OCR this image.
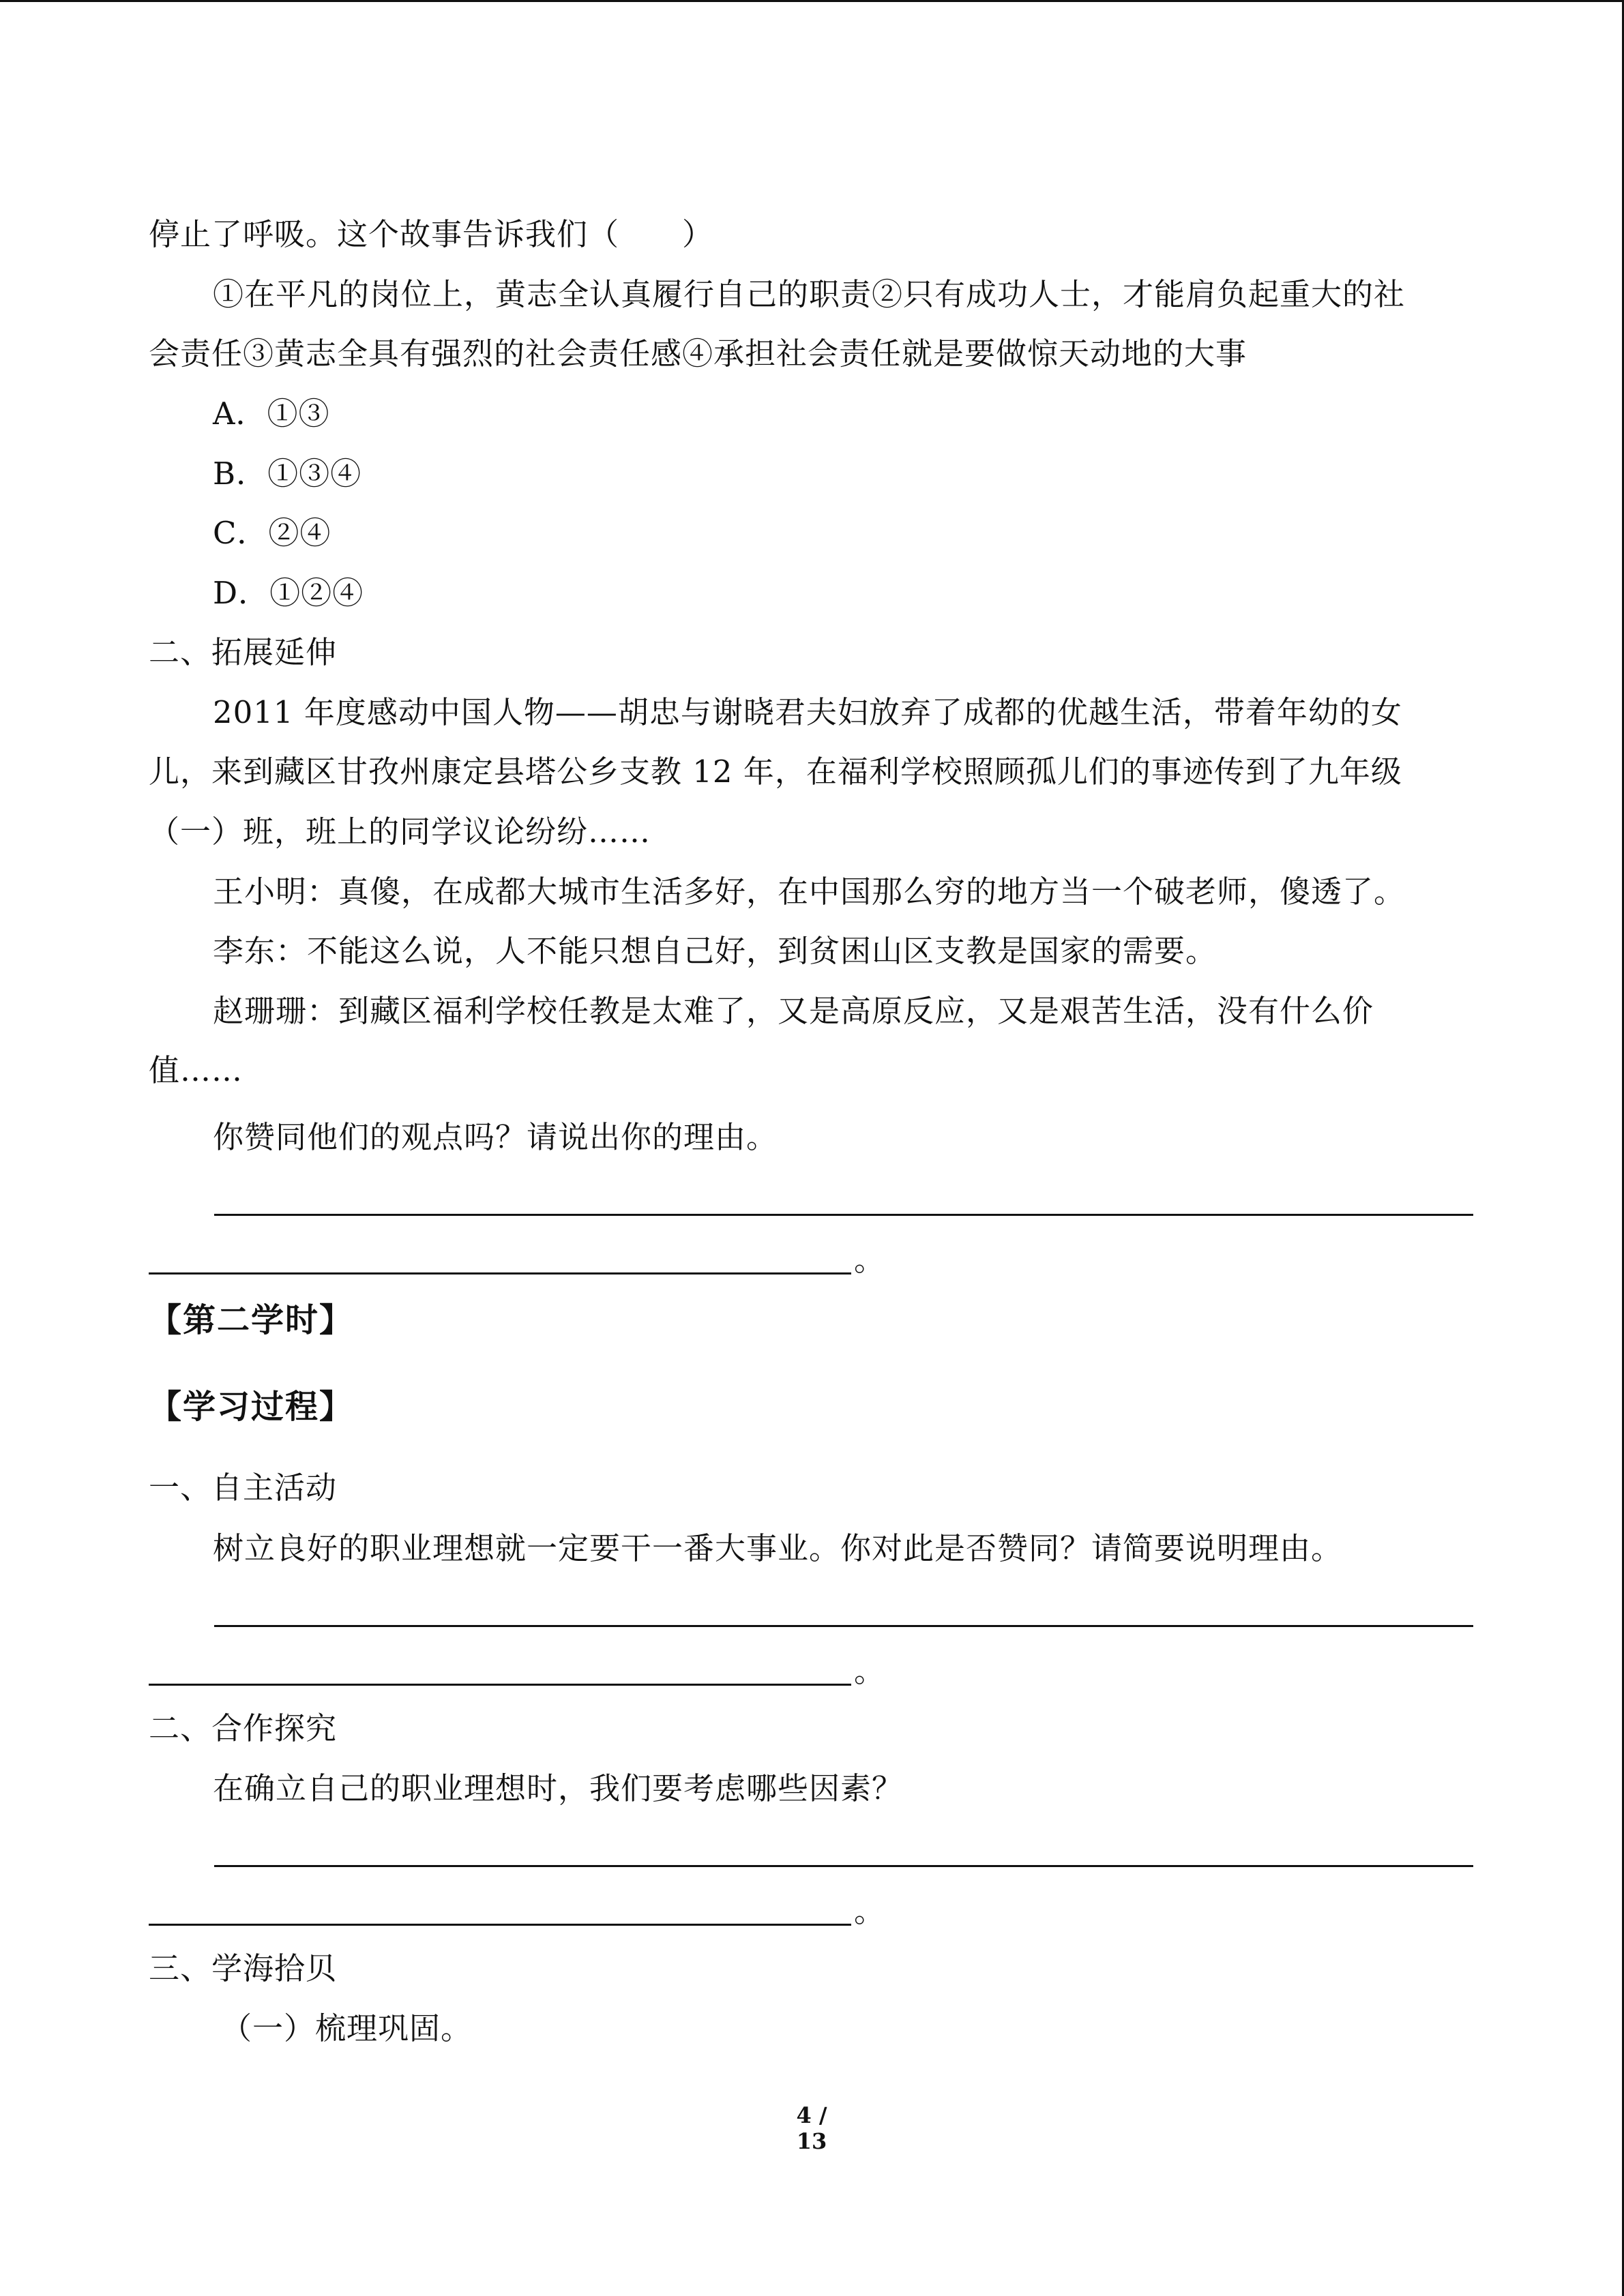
停止了呼吸。这个故事告诉我们（　　）

①在平凡的岗位上，黄志全认真履行自己的职责②只有成功人士，才能肩负起重大的社

会责任③黄志全具有强烈的社会责任感④承担社会责任就是要做惊天动地的大事

A．①③

B．①③④

C．②④

D．①②④

二、拓展延伸

2011 年度感动中国人物——胡忠与谢晓君夫妇放弃了成都的优越生活，带着年幼的女

儿，来到藏区甘孜州康定县塔公乡支教 12 年，在福利学校照顾孤儿们的事迹传到了九年级

（一）班，班上的同学议论纷纷……

王小明：真傻，在成都大城市生活多好，在中国那么穷的地方当一个破老师，傻透了。

李东：不能这么说，人不能只想自己好，到贫困山区支教是国家的需要。

赵珊珊：到藏区福利学校任教是太难了，又是高原反应，又是艰苦生活，没有什么价

值……

你赞同他们的观点吗？请说出你的理由。

。

【第二学时】

【学习过程】

一、自主活动

树立良好的职业理想就一定要干一番大事业。你对此是否赞同？请简要说明理由。

。

二、合作探究

在确立自己的职业理想时，我们要考虑哪些因素？

。

三、学海拾贝

（一）梳理巩固。

4 / 13
